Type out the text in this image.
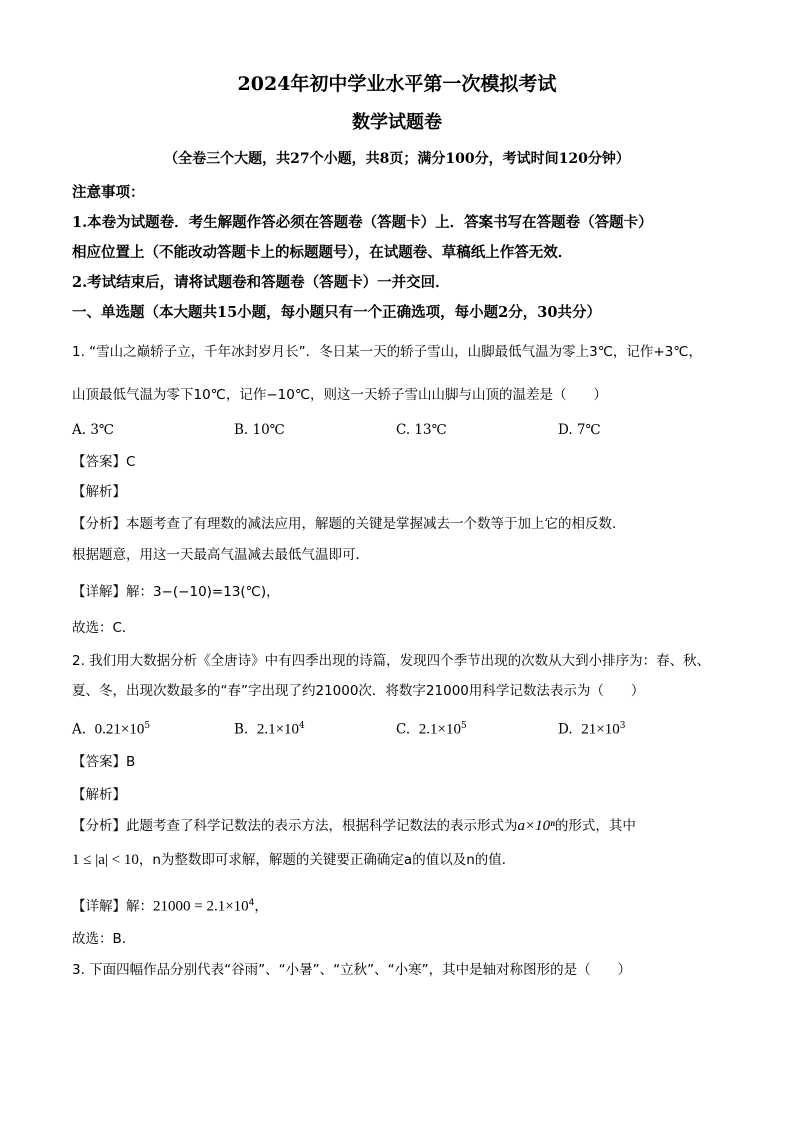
2024年初中学业水平第一次模拟考试
数学试题卷
（全卷三个大题，共27个小题，共8页；满分100分，考试时间120分钟）
注意事项：
1.本卷为试题卷．考生解题作答必须在答题卷（答题卡）上．答案书写在答题卷（答题卡）
相应位置上（不能改动答题卡上的标题题号），在试题卷、草稿纸上作答无效．
2.考试结束后，请将试题卷和答题卷（答题卡）一并交回．
一、单选题（本大题共15小题，每小题只有一个正确选项，每小题2分，30共分）
1. “雪山之巅轿子立，千年冰封岁月长”．冬日某一天的轿子雪山，山脚最低气温为零上3℃，记作+3℃，
山顶最低气温为零下10℃，记作−10℃，则这一天轿子雪山山脚与山顶的温差是（　　）
A. 3℃	B. 10℃	C. 13℃	D. 7℃
【答案】C
【解析】
【分析】本题考查了有理数的减法应用，解题的关键是掌握减去一个数等于加上它的相反数．
根据题意，用这一天最高气温减去最低气温即可．
【详解】解：3−(−10)=13(℃)，
故选：C．
2. 我们用大数据分析《全唐诗》中有四季出现的诗篇，发现四个季节出现的次数从大到小排序为：春、秋、
夏、冬，出现次数最多的“春”字出现了约21000次．将数字21000用科学记数法表示为（　　）
A. $0.21\times 10^5$	B. $2.1\times 10^4$	C. $2.1\times 10^5$	D. $21\times 10^3$
【答案】B
【解析】
【分析】此题考查了科学记数法的表示方法，根据科学记数法的表示形式为a×10ⁿ的形式，其中
1 ≤ |a| < 10，n为整数即可求解，解题的关键要正确确定a的值以及n的值．
【详解】解：$21000 = 2.1\times 10^4$，
故选：B．
3. 下面四幅作品分别代表“谷雨”、“小暑”、“立秋”、“小寒”，其中是轴对称图形的是（　　）
